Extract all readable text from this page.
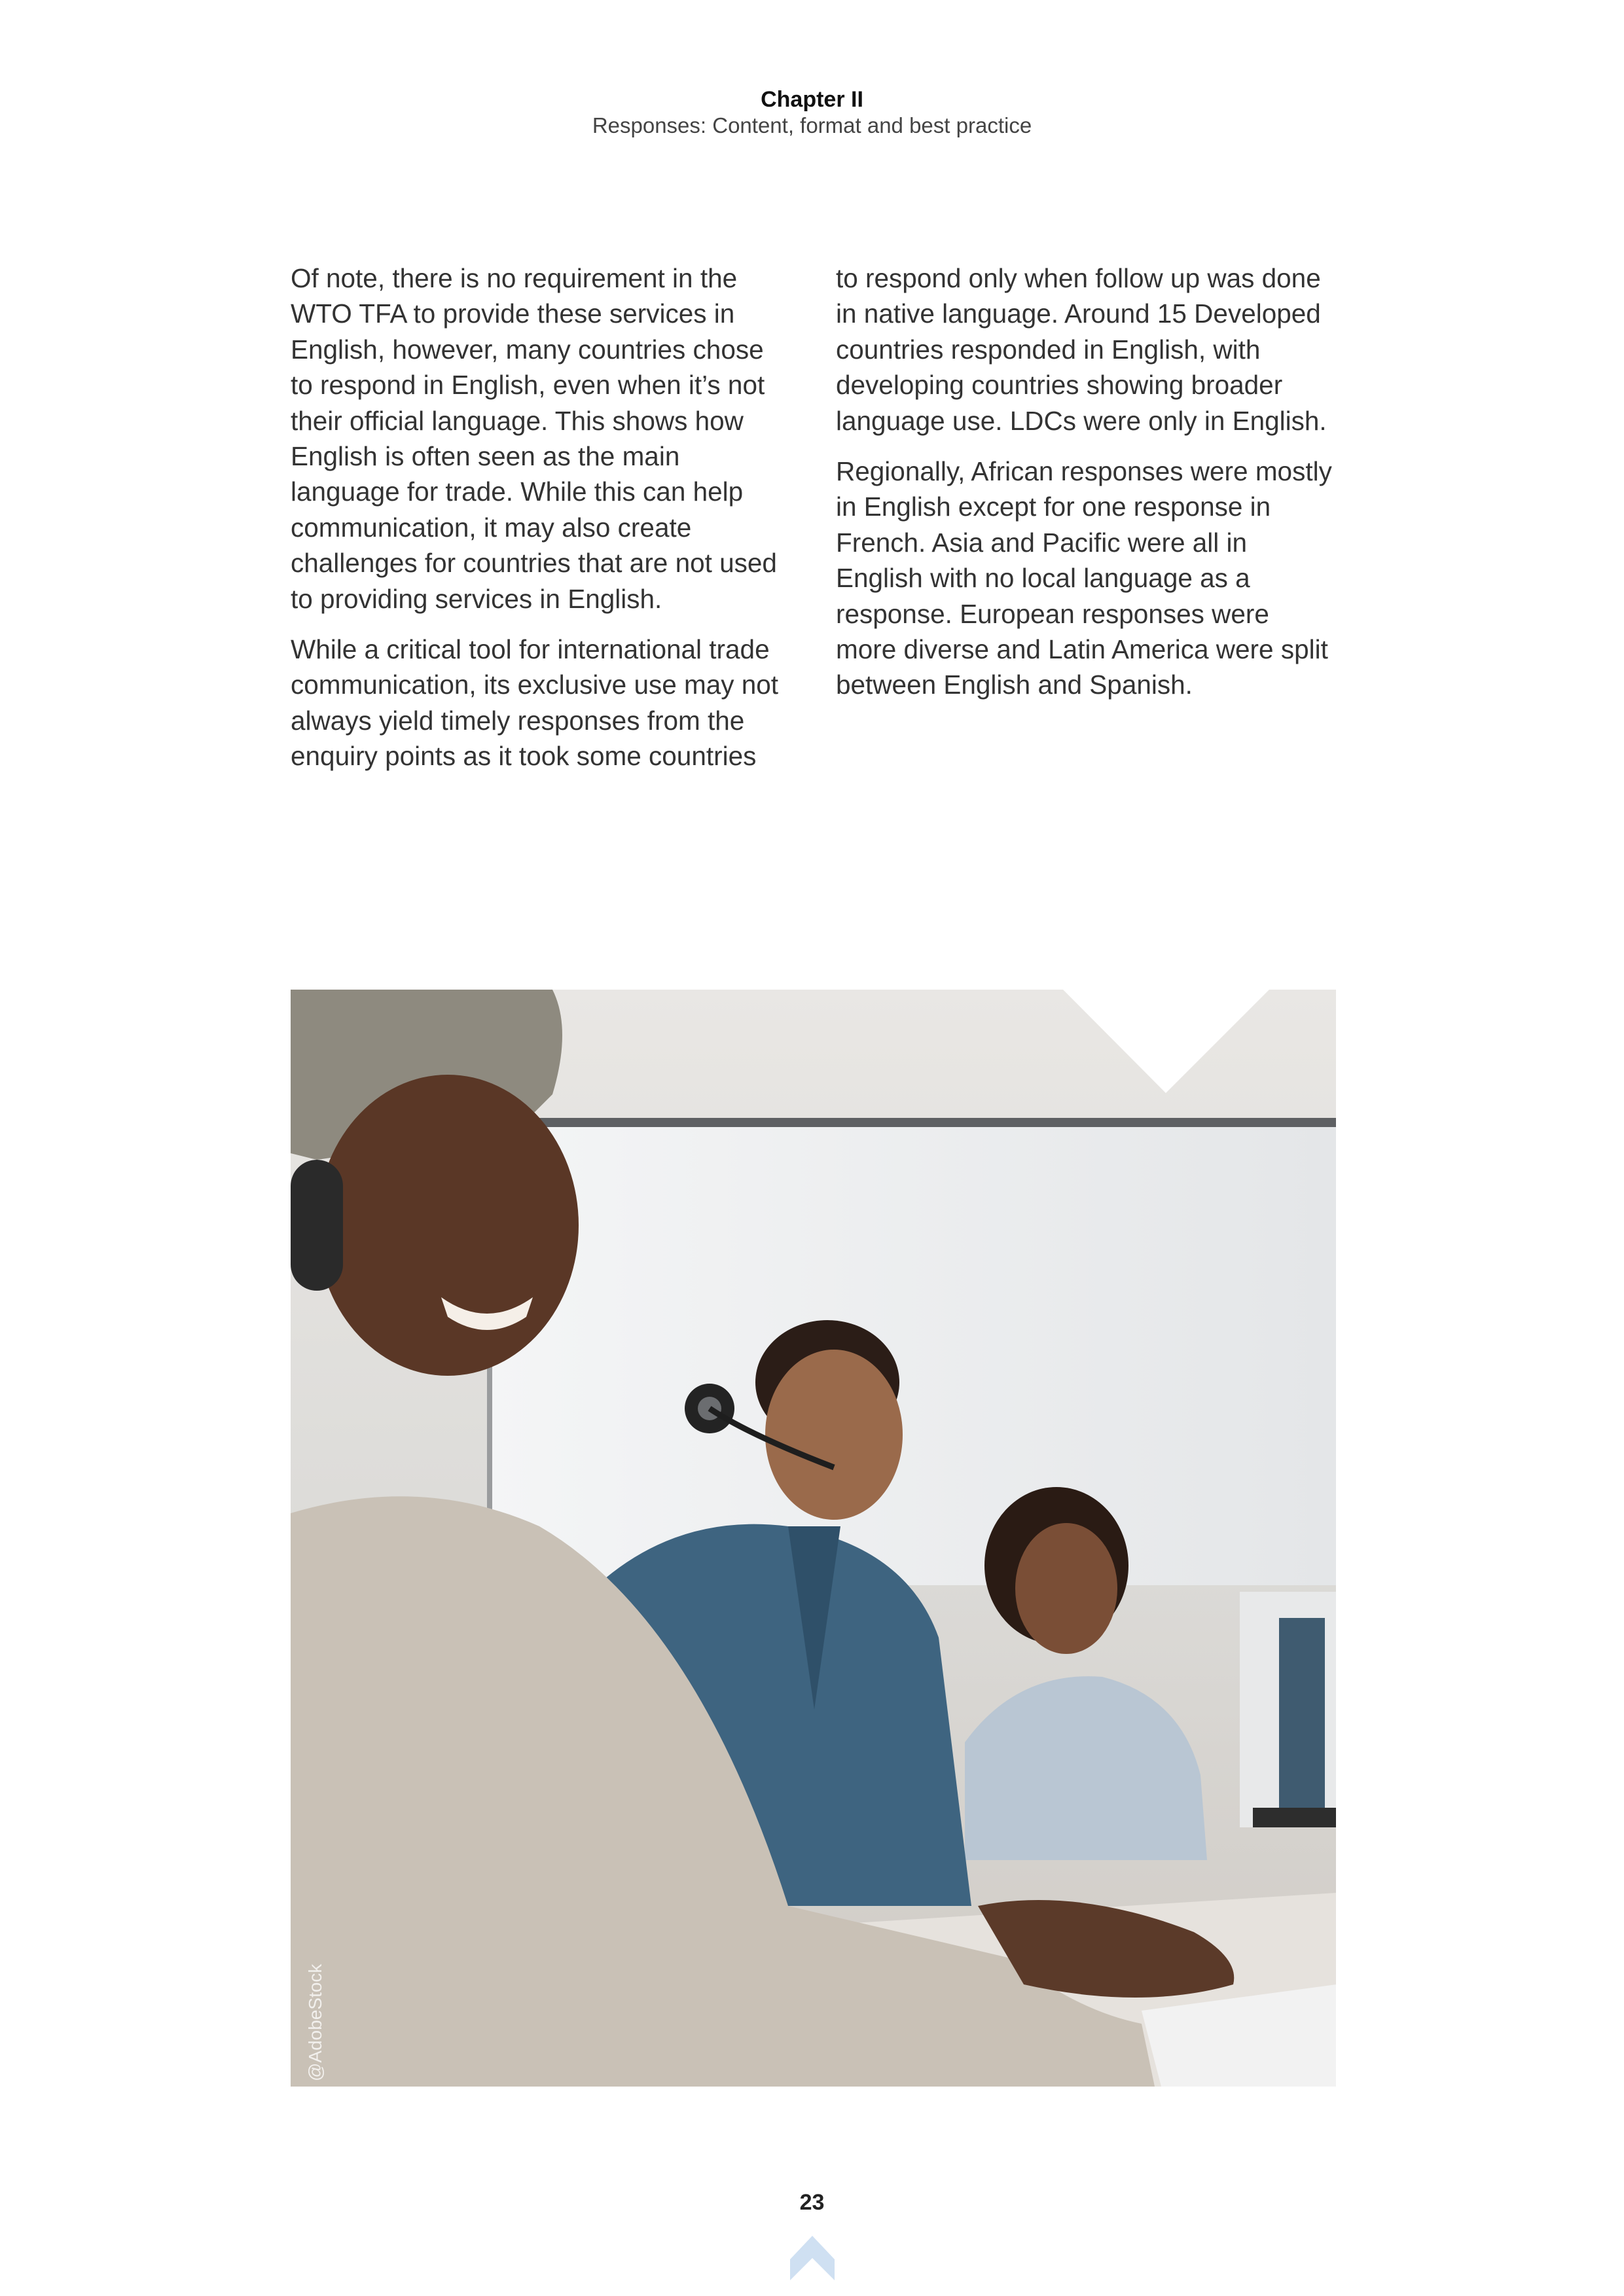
Chapter II
Responses: Content, format and best practice

Of note, there is no requirement in the WTO TFA to provide these services in English, however, many countries chose to respond in English, even when it’s not their official language. This shows how English is often seen as the main language for trade. While this can help communication, it may also create challenges for countries that are not used to providing services in English.

While a critical tool for international trade communication, its exclusive use may not always yield timely responses from the enquiry points as it took some countries

to respond only when follow up was done in native language. Around 15 Developed countries responded in English, with developing countries showing broader language use. LDCs were only in English.

Regionally, African responses were mostly in English except for one response in French. Asia and Pacific were all in English with no local language as a response. European responses were more diverse and Latin America were split between English and Spanish.

@AdobeStock
23
